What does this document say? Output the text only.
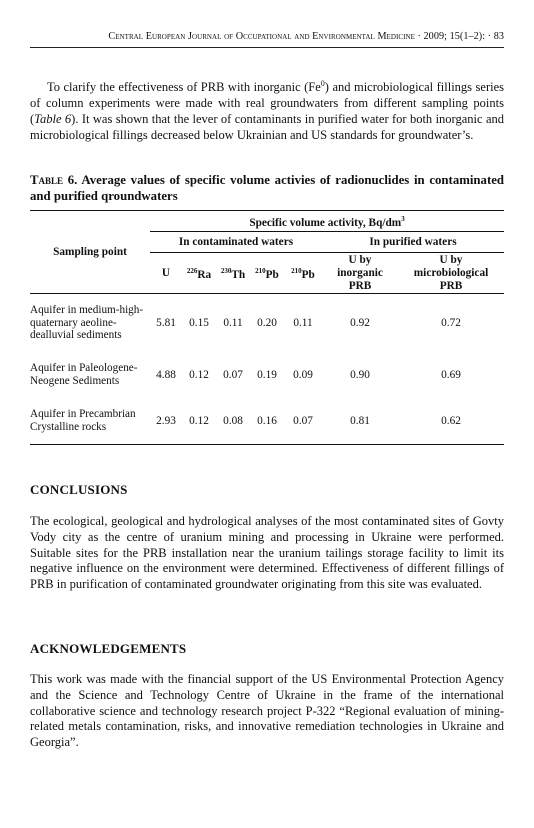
Central European Journal of Occupational and Environmental Medicine · 2009; 15(1–2): · 83

To clarify the effectiveness of PRB with inorganic (Fe$^0$) and microbiological fillings series of column experiments were made with real groundwaters from different sampling points (Table 6). It was shown that the lever of contaminants in purified water for both inorganic and microbiological fillings decreased below Ukrainian and US standards for groundwater’s.

Table 6. Average values of specific volume activies of radionuclides in contaminated and purified qroundwaters
Sampling point	Specific volume activity, $Bq/dm^3$
	In contaminated waters					In purified waters	
	U	$^{226}$Ra	$^{230}$Th	$^{210}$Pb	$^{210}$Pb	U by inorganic PRB	U by microbiological PRB
Aquifer in medium-high-quaternary aeoline-dealluvial sediments	5.81	0.15	0.11	0.20	0.11	0.92	0.72
Aquifer in Paleologene-Neogene Sediments	4.88	0.12	0.07	0.19	0.09	0.90	0.69
Aquifer in Precambrian Crystalline rocks	2.93	0.12	0.08	0.16	0.07	0.81	0.62
CONCLUSIONS

The ecological, geological and hydrological analyses of the most contaminated sites of Govty Vody city as the centre of uranium mining and processing in Ukraine were performed. Suitable sites for the PRB installation near the uranium tailings storage facility to limit its negative influence on the environment were determined. Effectiveness of different fillings of PRB in purification of contaminated groundwater originating from this site was evaluated.

ACKNOWLEDGEMENTS

This work was made with the financial support of the US Environmental Protection Agency and the Science and Technology Centre of Ukraine in the frame of the international collaborative science and technology research project P-322 “Regional evaluation of mining-related metals contamination, risks, and innovative remediation technologies in Ukraine and Georgia”.
